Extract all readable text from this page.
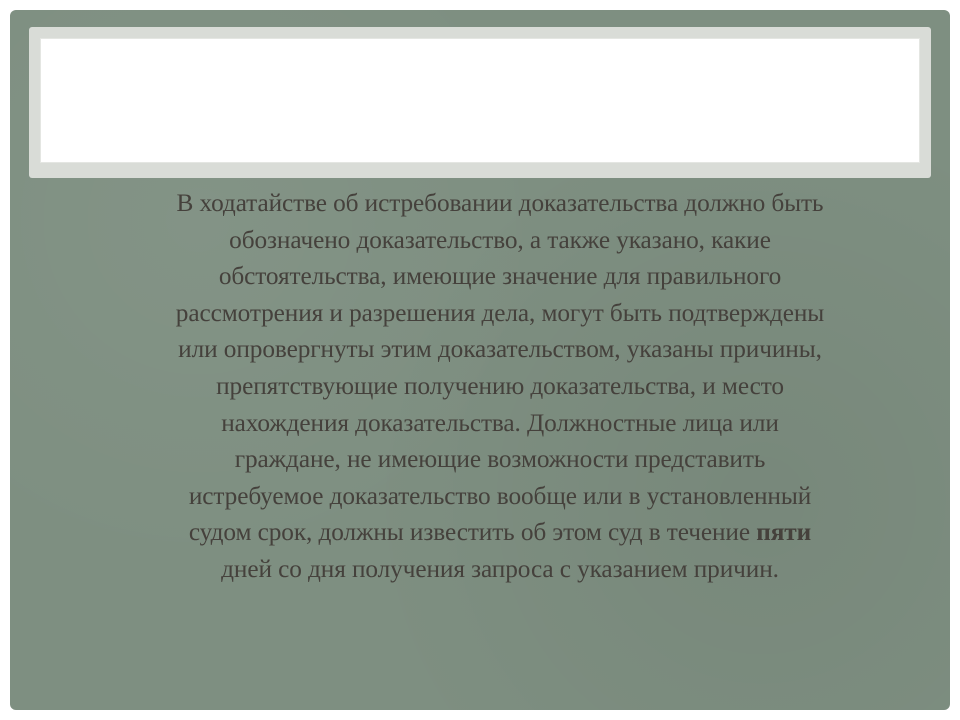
В ходатайстве об истребовании доказательства должно быть
обозначено доказательство, а также указано, какие
обстоятельства, имеющие значение для правильного
рассмотрения и разрешения дела, могут быть подтверждены
или опровергнуты этим доказательством, указаны причины,
препятствующие получению доказательства, и место
нахождения доказательства. Должностные лица или
граждане, не имеющие возможности представить
истребуемое доказательство вообще или в установленный
судом срок, должны известить об этом суд в течение пяти
дней со дня получения запроса с указанием причин.
